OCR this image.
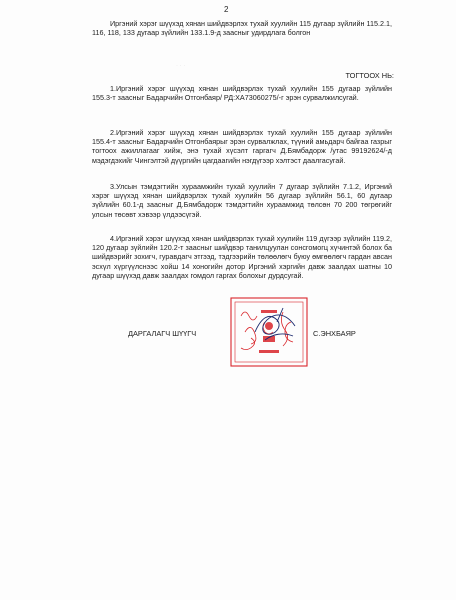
2

Иргэний хэрэг шүүхэд хянан шийдвэрлэх тухай хуулийн 115 дугаар зүйлийн 115.2.1, 116, 118, 133 дугаар зүйлийн 133.1.9-д заасныг удирдлага болгон

ТОГТООХ НЬ:

1.Иргэний хэрэг шүүхэд хянан шийдвэрлэх тухай хуулийн 155 дугаар зүйлийн 155.3-т заасныг Бадарчийн Отгонбаяр/ РД:ХА73060275/-г эрэн сурвалжилсугай.

2.Иргэний хэрэг шүүхэд хянан шийдвэрлэх тухай хуулийн 155 дугаар зүйлийн 155.4-т заасныг Бадарчийн Отгонбаярыг эрэн сурвалжлах, түүний амьдарч байгаа газрыг тогтоох ажиллагааг хийж, энэ тухай хүсэлт гаргагч Д.Бямбадорж /утас 99192624/-д мэдэгдэхийг Чингэлтэй дүүргийн цагдаагийн нэгдүгээр хэлтэст даалгасугай.

3.Улсын тэмдэгтийн хураамжийн тухай хуулийн 7 дугаар зүйлийн 7.1.2, Иргэний хэрэг шүүхэд хянан шийдвэрлэх тухай хуулийн 56 дугаар зүйлийн 56.1, 60 дугаар зүйлийн 60.1-д заасныг Д.Бямбадорж тэмдэгтийн хураамжид төлсөн 70 200 төгрөгийг улсын төсөвт хэвээр үлдээсүгэй.

4.Иргэний хэрэг шүүхэд хянан шийдвэрлэх тухай хуулийн 119 дүгээр зүйлийн 119.2, 120 дугаар зүйлийн 120.2-т заасныг шийдвэр танилцуулан сонсгомогц хүчинтэй болох ба шийдвэрийг зохигч, гуравдагч этгээд, тэдгээрийн төлөөлөгч буюу өмгөөлөгч гардан авсан эсхүл хүргүүлснээс хойш 14 хоногийн дотор Иргэний хэргийн давж заалдах шатны 10 дугаар шүүхэд давж заалдах гомдол гаргах болохыг дурдсугай.

ДАРГАЛАГЧ ШҮҮГЧ	С.ЭНХБАЯР
· · ·
